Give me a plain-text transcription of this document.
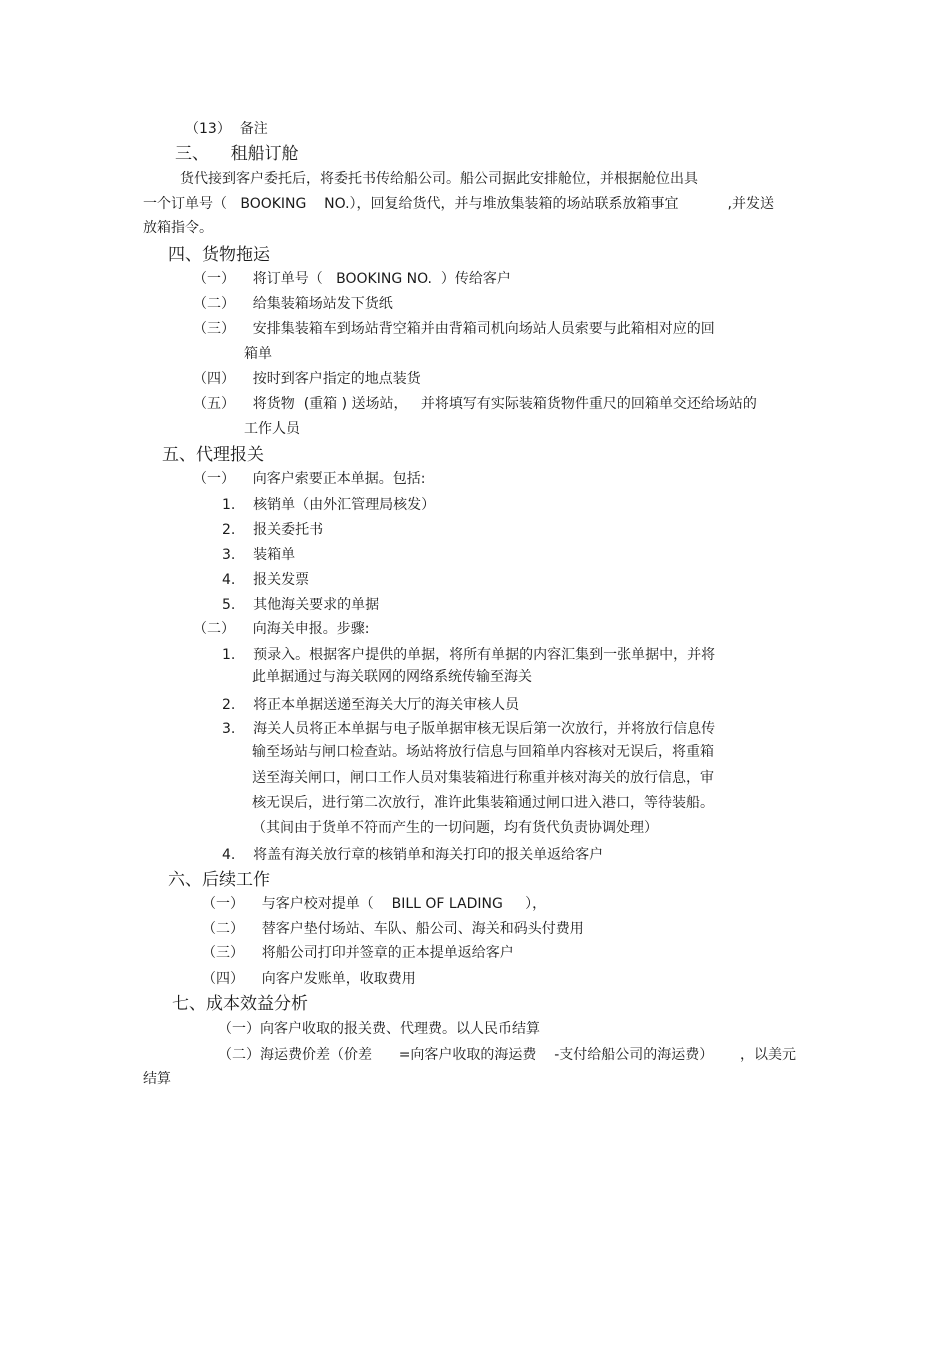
（13）  备注
三、    租船订舱
货代接到客户委托后，将委托书传给船公司。船公司据此安排舱位，并根据舱位出具
一个订单号（   BOOKING    NO.），回复给货代，并与堆放集装箱的场站联系放箱事宜           ,并发送
放箱指令。
四、货物拖运
（一）    将订单号（   BOOKING NO.  ）传给客户
（二）    给集装箱场站发下货纸
（三）    安排集装箱车到场站背空箱并由背箱司机向场站人员索要与此箱相对应的回
箱单
（四）    按时到客户指定的地点装货
（五）    将货物  (重箱 ) 送场站，   并将填写有实际装箱货物件重尺的回箱单交还给场站的
工作人员
五、代理报关
（一）    向客户索要正本单据。包括:
1.    核销单（由外汇管理局核发）
2.    报关委托书
3.    装箱单
4.    报关发票
5.    其他海关要求的单据
（二）    向海关申报。步骤:
1.    预录入。根据客户提供的单据，将所有单据的内容汇集到一张单据中，并将
此单据通过与海关联网的网络系统传输至海关
2.    将正本单据送递至海关大厅的海关审核人员
3.    海关人员将正本单据与电子版单据审核无误后第一次放行，并将放行信息传
输至场站与闸口检查站。场站将放行信息与回箱单内容核对无误后，将重箱
送至海关闸口，闸口工作人员对集装箱进行称重并核对海关的放行信息，审
核无误后，进行第二次放行，准许此集装箱通过闸口进入港口，等待装船。
（其间由于货单不符而产生的一切问题，均有货代负责协调处理）
4.    将盖有海关放行章的核销单和海关打印的报关单返给客户
六、后续工作
（一）    与客户校对提单（    BILL OF LADING     ），
（二）    替客户垫付场站、车队、船公司、海关和码头付费用
（三）    将船公司打印并签章的正本提单返给客户
（四）    向客户发账单，收取费用
七、成本效益分析
（一）向客户收取的报关费、代理费。以人民币结算
（二）海运费价差（价差      =向客户收取的海运费    -支付给船公司的海运费）      ，以美元
结算
